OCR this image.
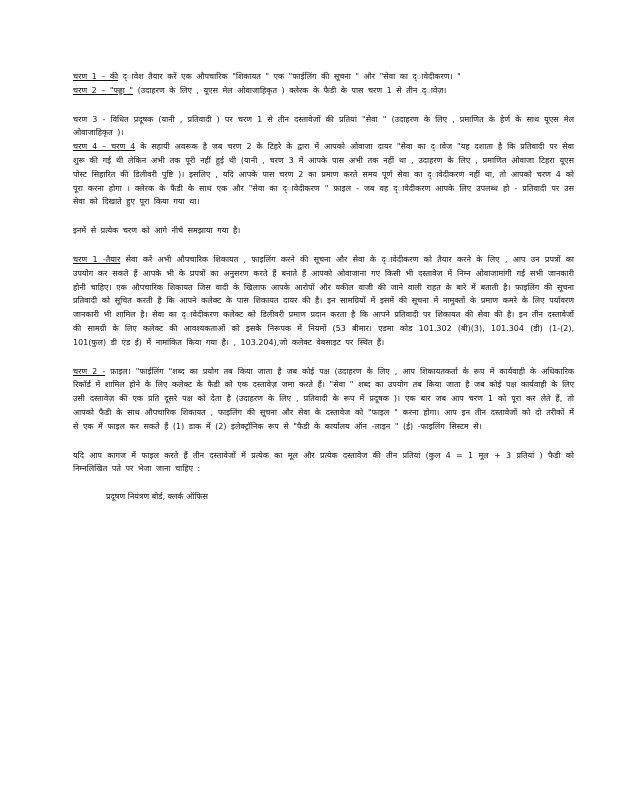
चरण 1 – की द्ावेश तैयार करें एक औपचारिक "शिकायत " एक "फाईलिंग की सूचना " और "सेवा का द्ावेदीकरण। "
चरण 2 – "फ्ड्डा " (उदाहरण के लिए , यूएस मेल ओवाजाहिकृत ) क्लेरक के फैडी के पास चरण 1 से तीन द्ावेज़।

चरण 3 - विधित प्रदूषक (यानी , प्रतिवादी ) पर चरण 1 से तीन दस्तावेजों की प्रतियां "सेवा " (उदाहरण के लिए , प्रमाणित के हेर्ण के साथ यूएस मेल ओवाजाहिकृत )।
चरण 4 – चरण 4 के सहायी अवरूक है जब चरण 2 के टिहरे के द्वारा में आपको ओवाजा दायर "सेवा का द्ावेज "यह दशाता है कि प्रतिवादी पर सेवा शुरू की गई थी लेकिन अभी तक पूरी नहीं हुई थी (यानी , चरण 3 में आपके पास अभी तक नहीं था , उदाहरण के लिए , प्रमाणित ओवाजा टिहरा यूएस पोस्ट सिहारित की डिलीवरी पुष्टि )। इसलिए , यदि आपके पास चरण 2 का प्रमाण करते समय पूर्ण सेवा का द्ावेदीकरण नहीं था, तो आपको चरण 4 को पूरा करना होगा । क्लेरक के फैडी के साथ एक और "सेवा का द्ावेदीकरण " फ़ाइल - जब वह द्ावेदीकरण आपके लिए उपलब्ध हो - प्रतिवादी पर उस सेवा को दिखाते हुए पूरा किया गया था।

इनमें से प्रत्येक चरण को आगे नीचे समझाया गया है।

चरण 1 -तैयार सेवा करें अभी औपचारिक शिकायत , फाइलिंग करने की सूचना और सेवा के द्ावेदीकरण को तैयार करने के लिए , आप उन प्रपत्रों का उपयोग कर सकते हैं आपके भी के प्रपत्रों का अनुसरण करते हैं बनाते हैं आपको ओवाजाना गए किसी भी दस्तावेज में निम्न ओवाजामांगी गई सभी जानकारी होनी चाहिए। एक औपचारिक शिकायत जिस वादी के खिलाफ आपके आरोपों और वकील वाजी की जाने वाली राहत के बारे में बताती है। फाइलिंग की सूचना प्रतिवादी को सूचित करती है कि आपने कलेक्ट के पास शिकायत दायर की है। इन सामग्रियों में इसमें की सूचना में नामुक्तों के प्रमाण कमरे के लिए पर्यावरण जानकारी भी शामिल है। सेवा का द्ावेदीकरण कलेक्ट को डिलीवरी प्रमाण प्रदान करता है कि आपने प्रतिवादी पर शिकायत की सेवा की है। इन तीन दस्तावेजों की सामग्री के लिए कलेक्ट की आवश्यकताओं को इसके निरूपक में नियमों (53 बीमार। एडमा कोड 101.302 (बी)(3), 101.304 (डी) (1-(2), 101(फुल) डी एंड ई) में नामांकित किया गया है। , 103.204),जो कलेक्ट वेबसाइट पर स्थित हैं।

चरण 2 - फ़ाइल। "फाईलिंग "शब्द का प्रयोग तब किया जाता है जब कोई पक्ष (उदाहरण के लिए , आप शिकायतकर्ता के रूप में कार्यवाही के अधिकारिक रिकॉर्ड में शामिल होने के लिए कलेक्ट के फैडी को एक दस्तावेज़ जमा करते हैं। "सेवा " शब्द का उपयोग तब किया जाता है जब कोई पक्ष कार्यवाही के लिए उसी दस्तावेज़ की एक प्रति दूसरे पक्ष को देता है (उदाहरण के लिए , प्रतिवादी के रूप में प्रदूषक )। एक बार जब आप चरण 1 को पूरा कर लेते हैं, तो आपको फैडी के साथ औपचारिक शिकायत , फाइलिंग की सूचना और सेवा के दस्तावेज को "फाइल " करना होगा। आप इन तीन दस्तावेजों को दो तरीकों में से एक में फाइल कर सकते हैं (1) डाक में (2) इलेक्ट्रॉनिक रूप से "फैडी के कार्यालय ऑन -लाइन " (ई) -फाइलिंग सिस्टम से।

यदि आप कागज में फाइल करते हैं तीन दस्तावेजों में प्रत्येक का मूल और प्रत्येक दस्तावेज की तीन प्रतियां (कुल 4 = 1 मूल + 3 प्रतियां ) फैडी को निम्नलिखित पते पर भेजा जाना चाहिए :

प्रदूषण नियंत्रण बोर्ड, क्लर्क ऑफिस
